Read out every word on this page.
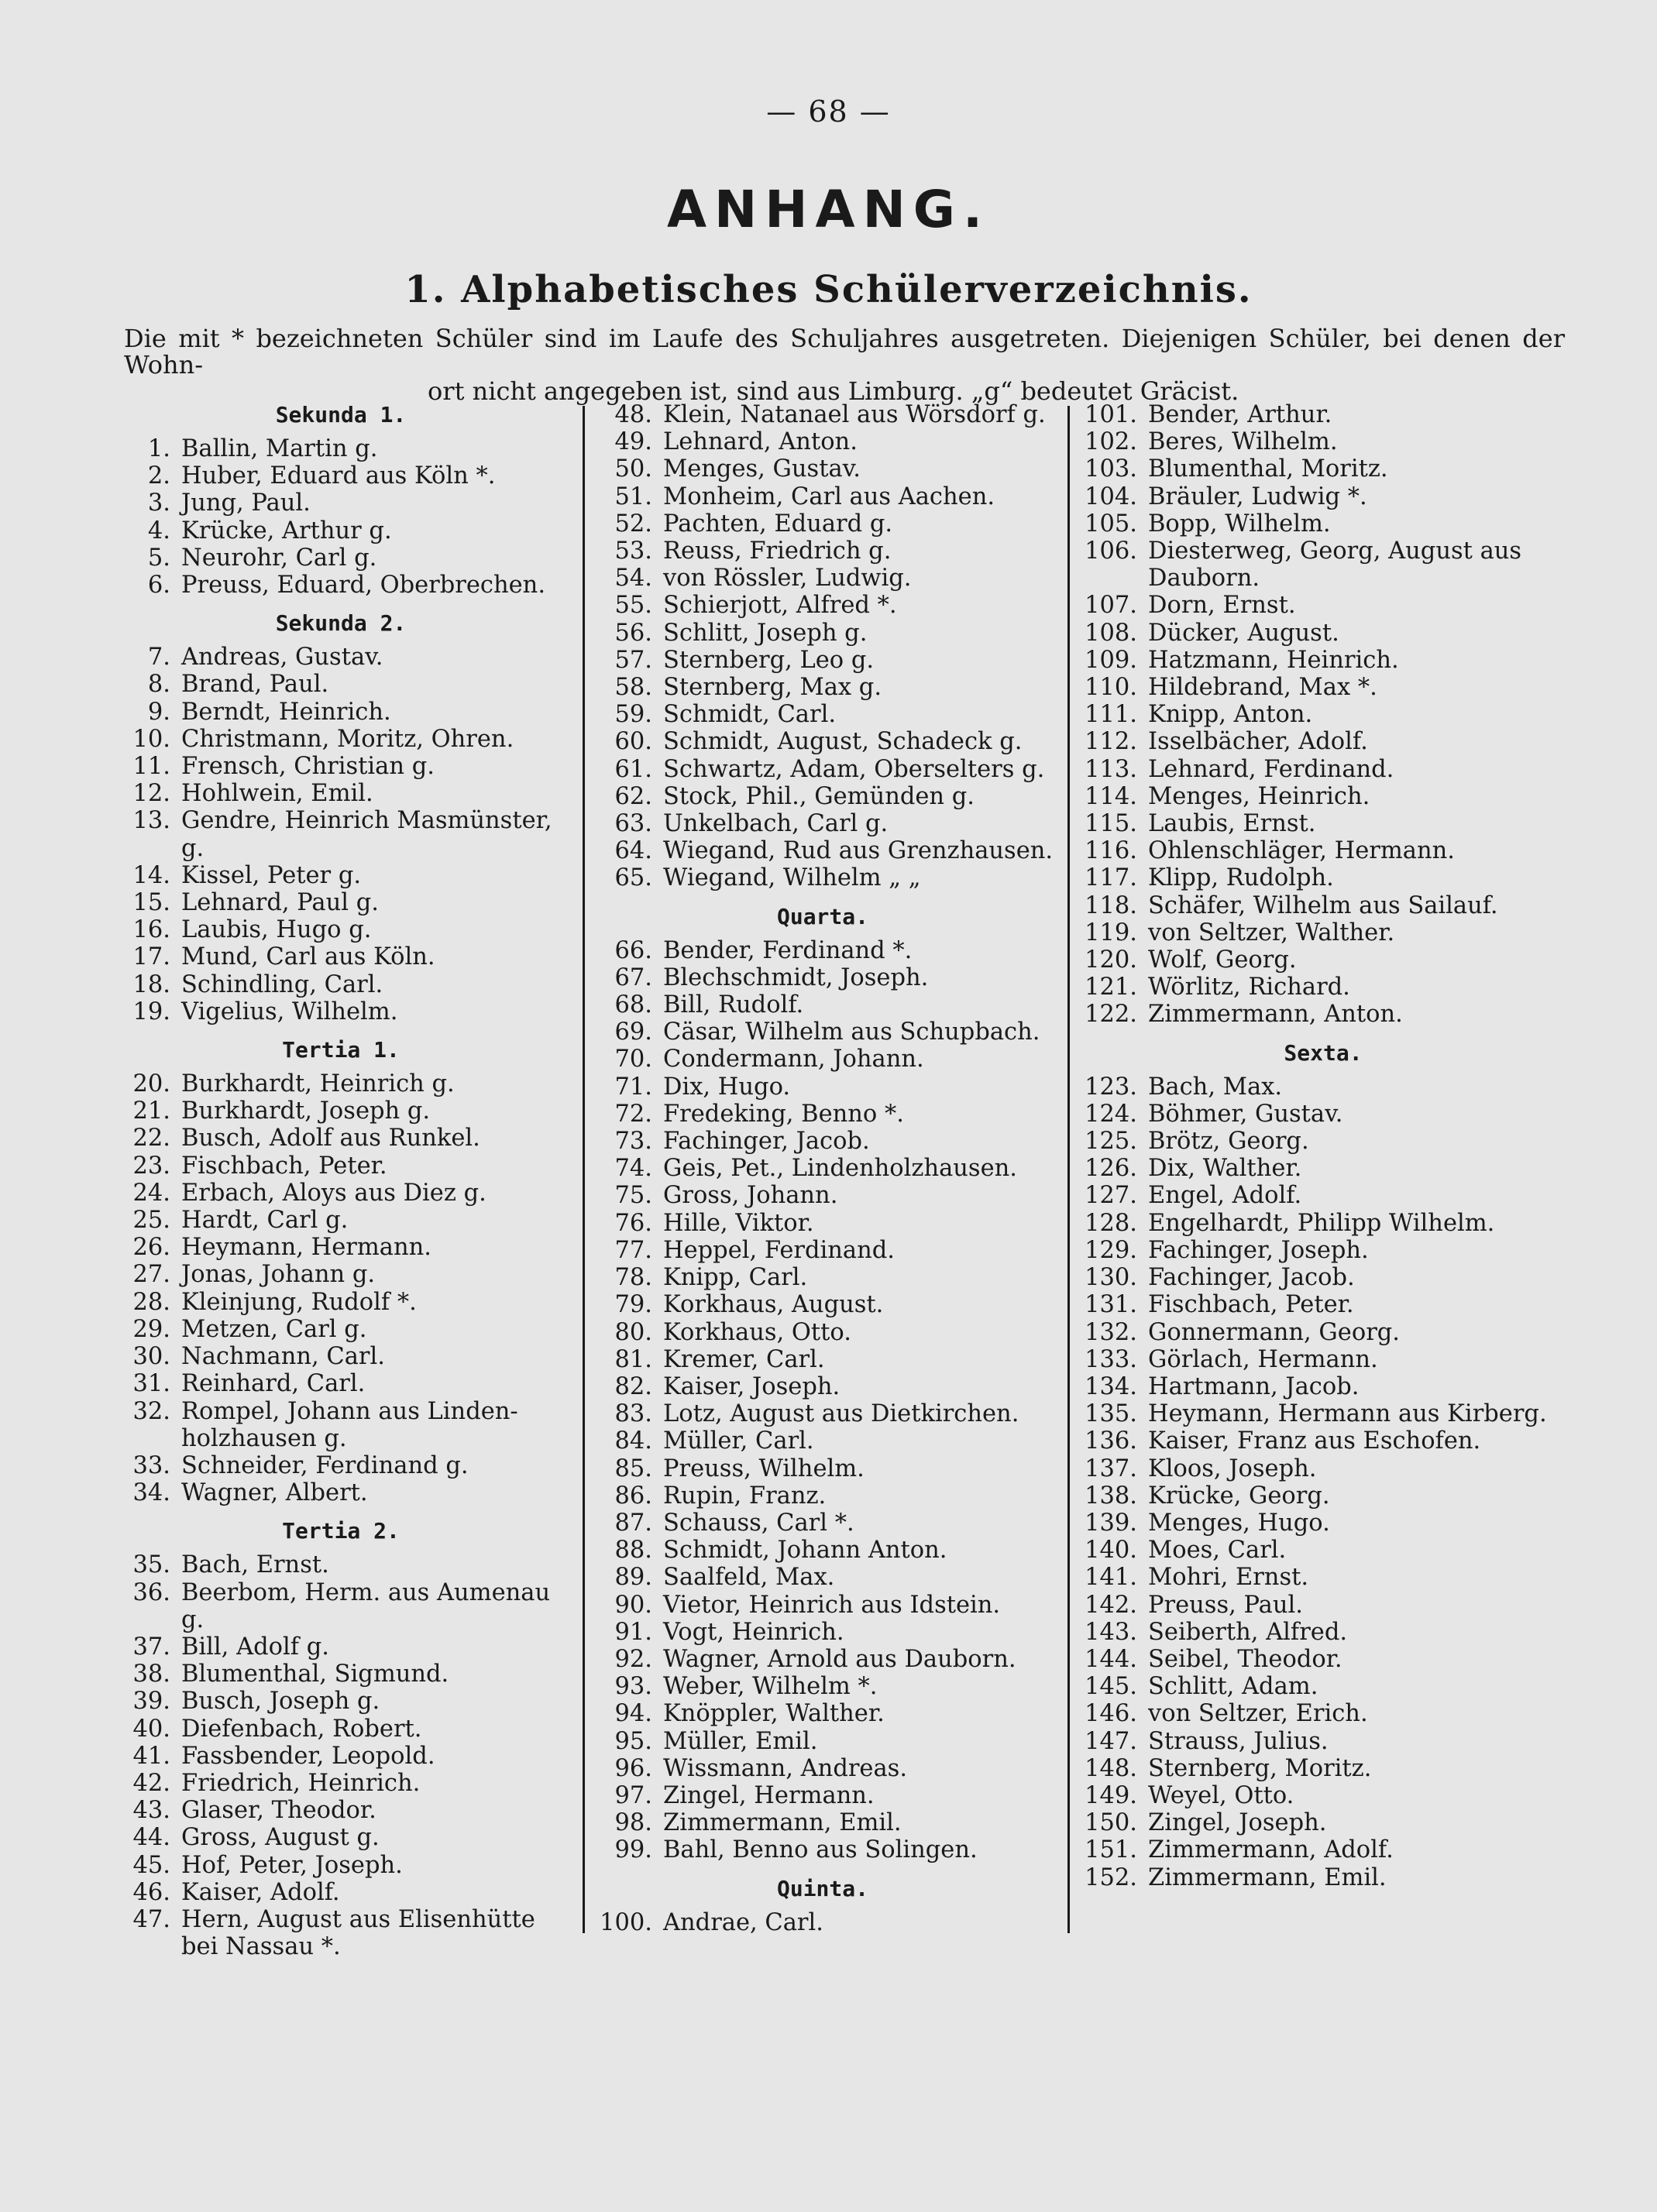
— 68 —
ANHANG.
1. Alphabetisches Schülerverzeichnis.
Die mit * bezeichneten Schüler sind im Laufe des Schuljahres ausgetreten. Diejenigen Schüler, bei denen der Wohn-
ort nicht angegeben ist, sind aus Limburg. „g“ bedeutet Gräcist.
Sekunda 1.
1. Ballin, Martin g.
2. Huber, Eduard aus Köln *.
3. Jung, Paul.
4. Krücke, Arthur g.
5. Neurohr, Carl g.
6. Preuss, Eduard, Oberbrechen.
Sekunda 2.
7. Andreas, Gustav.
8. Brand, Paul.
9. Berndt, Heinrich.
10. Christmann, Moritz, Ohren.
11. Frensch, Christian g.
12. Hohlwein, Emil.
13. Gendre, Heinrich Masmünster, g.
14. Kissel, Peter g.
15. Lehnard, Paul g.
16. Laubis, Hugo g.
17. Mund, Carl aus Köln.
18. Schindling, Carl.
19. Vigelius, Wilhelm.
Tertia 1.
20. Burkhardt, Heinrich g.
21. Burkhardt, Joseph g.
22. Busch, Adolf aus Runkel.
23. Fischbach, Peter.
24. Erbach, Aloys aus Diez g.
25. Hardt, Carl g.
26. Heymann, Hermann.
27. Jonas, Johann g.
28. Kleinjung, Rudolf *.
29. Metzen, Carl g.
30. Nachmann, Carl.
31. Reinhard, Carl.
32. Rompel, Johann aus Linden-holzhausen g.
33. Schneider, Ferdinand g.
34. Wagner, Albert.
Tertia 2.
35. Bach, Ernst.
36. Beerbom, Herm. aus Aumenau g.
37. Bill, Adolf g.
38. Blumenthal, Sigmund.
39. Busch, Joseph g.
40. Diefenbach, Robert.
41. Fassbender, Leopold.
42. Friedrich, Heinrich.
43. Glaser, Theodor.
44. Gross, August g.
45. Hof, Peter, Joseph.
46. Kaiser, Adolf.
47. Hern, August aus Elisenhütte bei Nassau *.
48. Klein, Natanael aus Wörsdorf g.
49. Lehnard, Anton.
50. Menges, Gustav.
51. Monheim, Carl aus Aachen.
52. Pachten, Eduard g.
53. Reuss, Friedrich g.
54. von Rössler, Ludwig.
55. Schierjott, Alfred *.
56. Schlitt, Joseph g.
57. Sternberg, Leo g.
58. Sternberg, Max g.
59. Schmidt, Carl.
60. Schmidt, August, Schadeck g.
61. Schwartz, Adam, Oberselters g.
62. Stock, Phil., Gemünden g.
63. Unkelbach, Carl g.
64. Wiegand, Rud aus Grenzhausen.
65. Wiegand, Wilhelm „ „
Quarta.
66. Bender, Ferdinand *.
67. Blechschmidt, Joseph.
68. Bill, Rudolf.
69. Cäsar, Wilhelm aus Schupbach.
70. Condermann, Johann.
71. Dix, Hugo.
72. Fredeking, Benno *.
73. Fachinger, Jacob.
74. Geis, Pet., Lindenholzhausen.
75. Gross, Johann.
76. Hille, Viktor.
77. Heppel, Ferdinand.
78. Knipp, Carl.
79. Korkhaus, August.
80. Korkhaus, Otto.
81. Kremer, Carl.
82. Kaiser, Joseph.
83. Lotz, August aus Dietkirchen.
84. Müller, Carl.
85. Preuss, Wilhelm.
86. Rupin, Franz.
87. Schauss, Carl *.
88. Schmidt, Johann Anton.
89. Saalfeld, Max.
90. Vietor, Heinrich aus Idstein.
91. Vogt, Heinrich.
92. Wagner, Arnold aus Dauborn.
93. Weber, Wilhelm *.
94. Knöppler, Walther.
95. Müller, Emil.
96. Wissmann, Andreas.
97. Zingel, Hermann.
98. Zimmermann, Emil.
99. Bahl, Benno aus Solingen.
Quinta.
100. Andrae, Carl.
101. Bender, Arthur.
102. Beres, Wilhelm.
103. Blumenthal, Moritz.
104. Bräuler, Ludwig *.
105. Bopp, Wilhelm.
106. Diesterweg, Georg, August aus Dauborn.
107. Dorn, Ernst.
108. Dücker, August.
109. Hatzmann, Heinrich.
110. Hildebrand, Max *.
111. Knipp, Anton.
112. Isselbächer, Adolf.
113. Lehnard, Ferdinand.
114. Menges, Heinrich.
115. Laubis, Ernst.
116. Ohlenschläger, Hermann.
117. Klipp, Rudolph.
118. Schäfer, Wilhelm aus Sailauf.
119. von Seltzer, Walther.
120. Wolf, Georg.
121. Wörlitz, Richard.
122. Zimmermann, Anton.
Sexta.
123. Bach, Max.
124. Böhmer, Gustav.
125. Brötz, Georg.
126. Dix, Walther.
127. Engel, Adolf.
128. Engelhardt, Philipp Wilhelm.
129. Fachinger, Joseph.
130. Fachinger, Jacob.
131. Fischbach, Peter.
132. Gonnermann, Georg.
133. Görlach, Hermann.
134. Hartmann, Jacob.
135. Heymann, Hermann aus Kirberg.
136. Kaiser, Franz aus Eschofen.
137. Kloos, Joseph.
138. Krücke, Georg.
139. Menges, Hugo.
140. Moes, Carl.
141. Mohri, Ernst.
142. Preuss, Paul.
143. Seiberth, Alfred.
144. Seibel, Theodor.
145. Schlitt, Adam.
146. von Seltzer, Erich.
147. Strauss, Julius.
148. Sternberg, Moritz.
149. Weyel, Otto.
150. Zingel, Joseph.
151. Zimmermann, Adolf.
152. Zimmermann, Emil.
